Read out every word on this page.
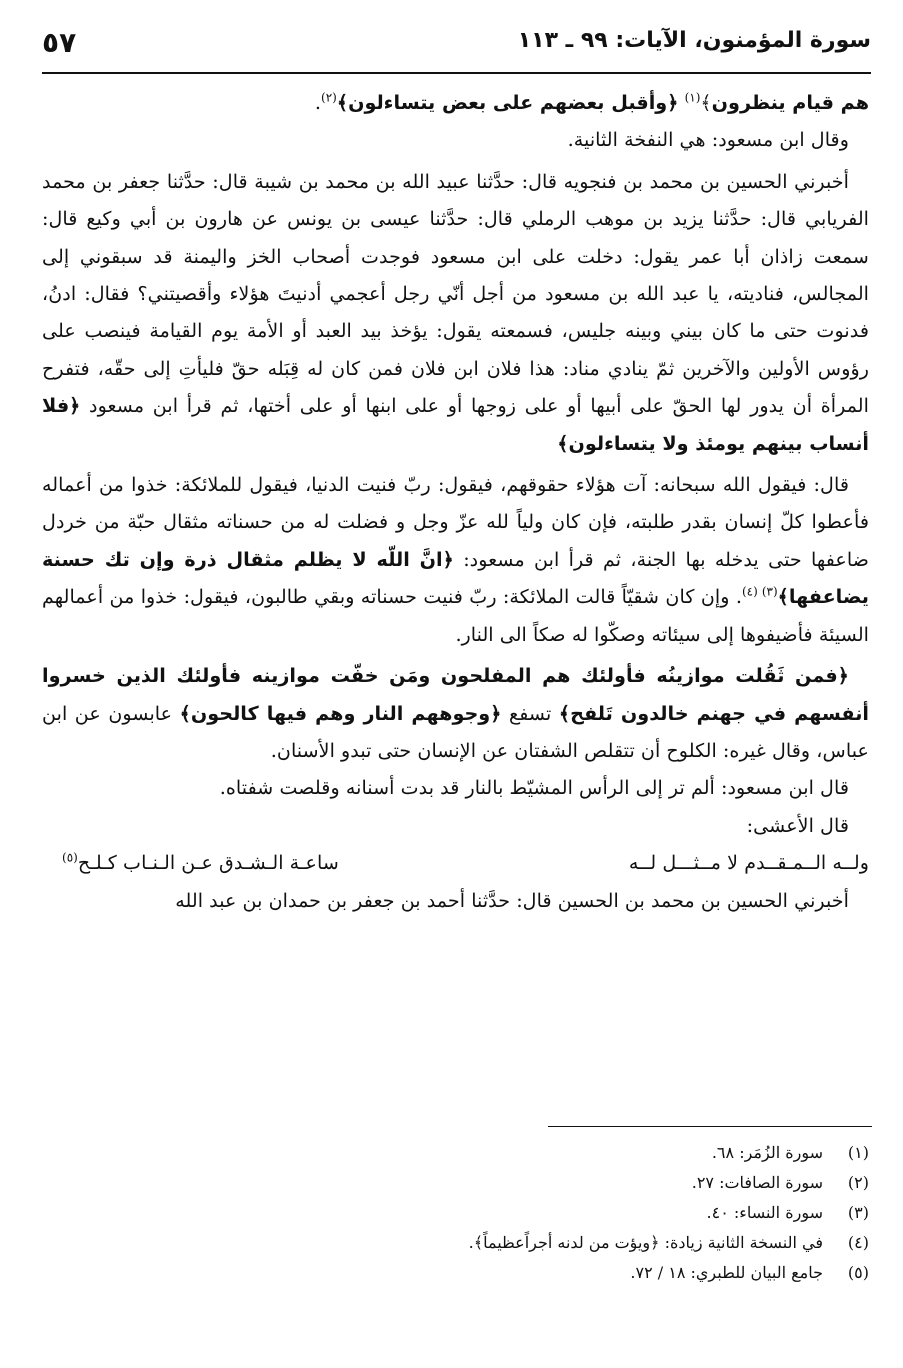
سورة المؤمنون، الآيات: ٩٩ ـ ١١٣
٥٧

هم قيام ينظرون﴾$^{(١)}$ ﴿وأقبل بعضهم على بعض يتساءلون﴾$^{(٢)}$.

وقال ابن مسعود: هي النفخة الثانية.

أخبرني الحسين بن محمد بن فنجويه قال: حدَّثنا عبيد الله بن محمد بن شيبة قال: حدَّثنا جعفر بن محمد الفريابي قال: حدَّثنا يزيد بن موهب الرملي قال: حدَّثنا عيسى بن يونس عن هارون بن أبي وكيع قال: سمعت زاذان أبا عمر يقول: دخلت على ابن مسعود فوجدت أصحاب الخز واليمنة قد سبقوني إلى المجالس، فناديته، يا عبد الله بن مسعود من أجل أنّي رجل أعجمي أدنيتَ هؤلاء وأقصيتني؟ فقال: ادنُ، فدنوت حتى ما كان بيني وبينه جليس، فسمعته يقول: يؤخذ بيد العبد أو الأمة يوم القيامة فينصب على رؤوس الأولين والآخرين ثمّ ينادي مناد: هذا فلان ابن فلان فمن كان له قِبَله حقّ فليأتِ إلى حقّه، فتفرح المرأة أن يدور لها الحقّ على أبيها أو على زوجها أو على ابنها أو على أختها، ثم قرأ ابن مسعود ﴿فلا أنساب بينهم يومئذ ولا يتساءلون﴾

قال: فيقول الله سبحانه: آت هؤلاء حقوقهم، فيقول: ربّ فنيت الدنيا، فيقول للملائكة: خذوا من أعماله فأعطوا كلّ إنسان بقدر طلبته، فإن كان ولياً لله عزّ وجل و فضلت له من حسناته مثقال حبّة من خردل ضاعفها حتى يدخله بها الجنة، ثم قرأ ابن مسعود: ﴿انَّ اللّه لا يظلم مثقال ذرة وإن تك حسنة يضاعفها﴾$^{(٣) (٤)}$. وإن كان شقيّاً قالت الملائكة: ربّ فنيت حسناته وبقي طالبون، فيقول: خذوا من أعمالهم السيئة فأضيفوها إلى سيئاته وصكّوا له صكاً الى النار.

﴿فمن ثَقُلت موازينُه فأولئك هم المفلحون ومَن خفّت موازينه فأولئك الذين خسروا أنفسهم في جهنم خالدون تَلفح﴾ تسفع ﴿وجوههم النار وهم فيها كالحون﴾ عابسون عن ابن عباس، وقال غيره: الكلوح أن تتقلص الشفتان عن الإنسان حتى تبدو الأسنان.

قال ابن مسعود: ألم تر إلى الرأس المشيّط بالنار قد بدت أسنانه وقلصت شفتاه.

قال الأعشى:

ولــه الــمـقــدم لا مــثـــل لــه
ساعـة الـشـدق عـن الـنـاب كـلـح$^{(٥)}$

أخبرني الحسين بن محمد بن الحسين قال: حدَّثنا أحمد بن جعفر بن حمدان بن عبد الله

(١)
سورة الزُمَر: ٦٨.
(٢)
سورة الصافات: ٢٧.
(٣)
سورة النساء: ٤٠.
(٤)
في النسخة الثانية زيادة: ﴿ويؤت من لدنه أجراًعظيماً﴾.
(٥)
جامع البيان للطبري: ١٨ / ٧٢.
